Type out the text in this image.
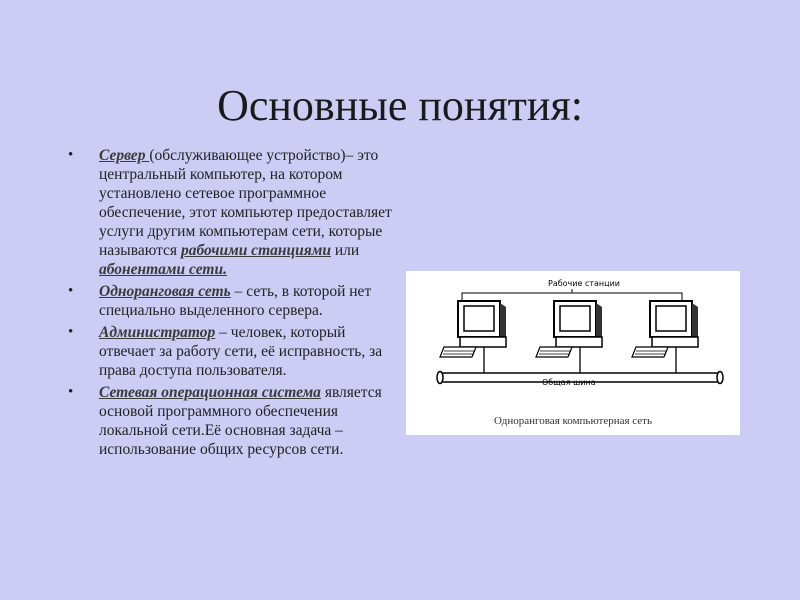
Основные понятия:
• Сервер (обслуживающее устройство)– это центральный компьютер, на котором установлено сетевое программное обеспечение, этот компьютер предоставляет услуги другим компьютерам сети, которые называются рабочими станциями или абонентами сети.
• Одноранговая сеть – сеть, в которой нет специально выделенного сервера.
• Администратор – человек, который отвечает за работу сети, её исправность, за права доступа пользователя.
• Сетевая операционная система является основой программного обеспечения локальной сети.Её основная задача – использование общих ресурсов сети.
Рабочие станции
Общая шина
Одноранговая компьютерная сеть
